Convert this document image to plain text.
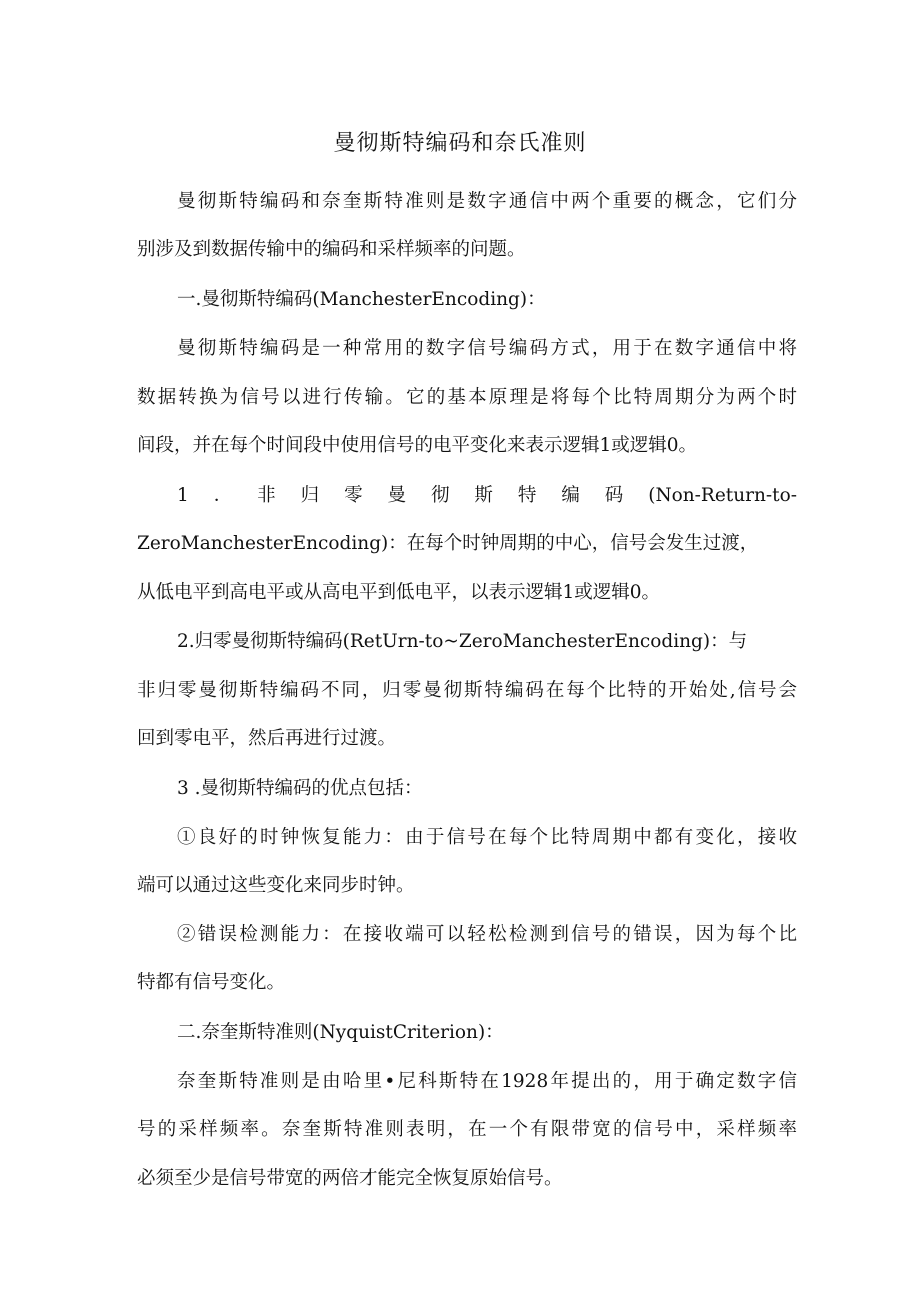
曼彻斯特编码和奈氏准则
曼彻斯特编码和奈奎斯特准则是数字通信中两个重要的概念，它们分
别涉及到数据传输中的编码和采样频率的问题。
一.曼彻斯特编码(ManchesterEncoding)：
曼彻斯特编码是一种常用的数字信号编码方式，用于在数字通信中将
数据转换为信号以进行传输。它的基本原理是将每个比特周期分为两个时
间段，并在每个时间段中使用信号的电平变化来表示逻辑1或逻辑0。
1．非归零曼彻斯特编码(Non-Return-to-
ZeroManchesterEncoding)：在每个时钟周期的中心，信号会发生过渡，
从低电平到高电平或从高电平到低电平，以表示逻辑1或逻辑0。
2.归零曼彻斯特编码(RetUrn-to~ZeroManchesterEncoding)：与
非归零曼彻斯特编码不同，归零曼彻斯特编码在每个比特的开始处,信号会
回到零电平，然后再进行过渡。
3 .曼彻斯特编码的优点包括：
①良好的时钟恢复能力：由于信号在每个比特周期中都有变化，接收
端可以通过这些变化来同步时钟。
②错误检测能力：在接收端可以轻松检测到信号的错误，因为每个比
特都有信号变化。
二.奈奎斯特准则(NyquistCriterion)：
奈奎斯特准则是由哈里•尼科斯特在1928年提出的，用于确定数字信
号的采样频率。奈奎斯特准则表明，在一个有限带宽的信号中，采样频率
必须至少是信号带宽的两倍才能完全恢复原始信号。
